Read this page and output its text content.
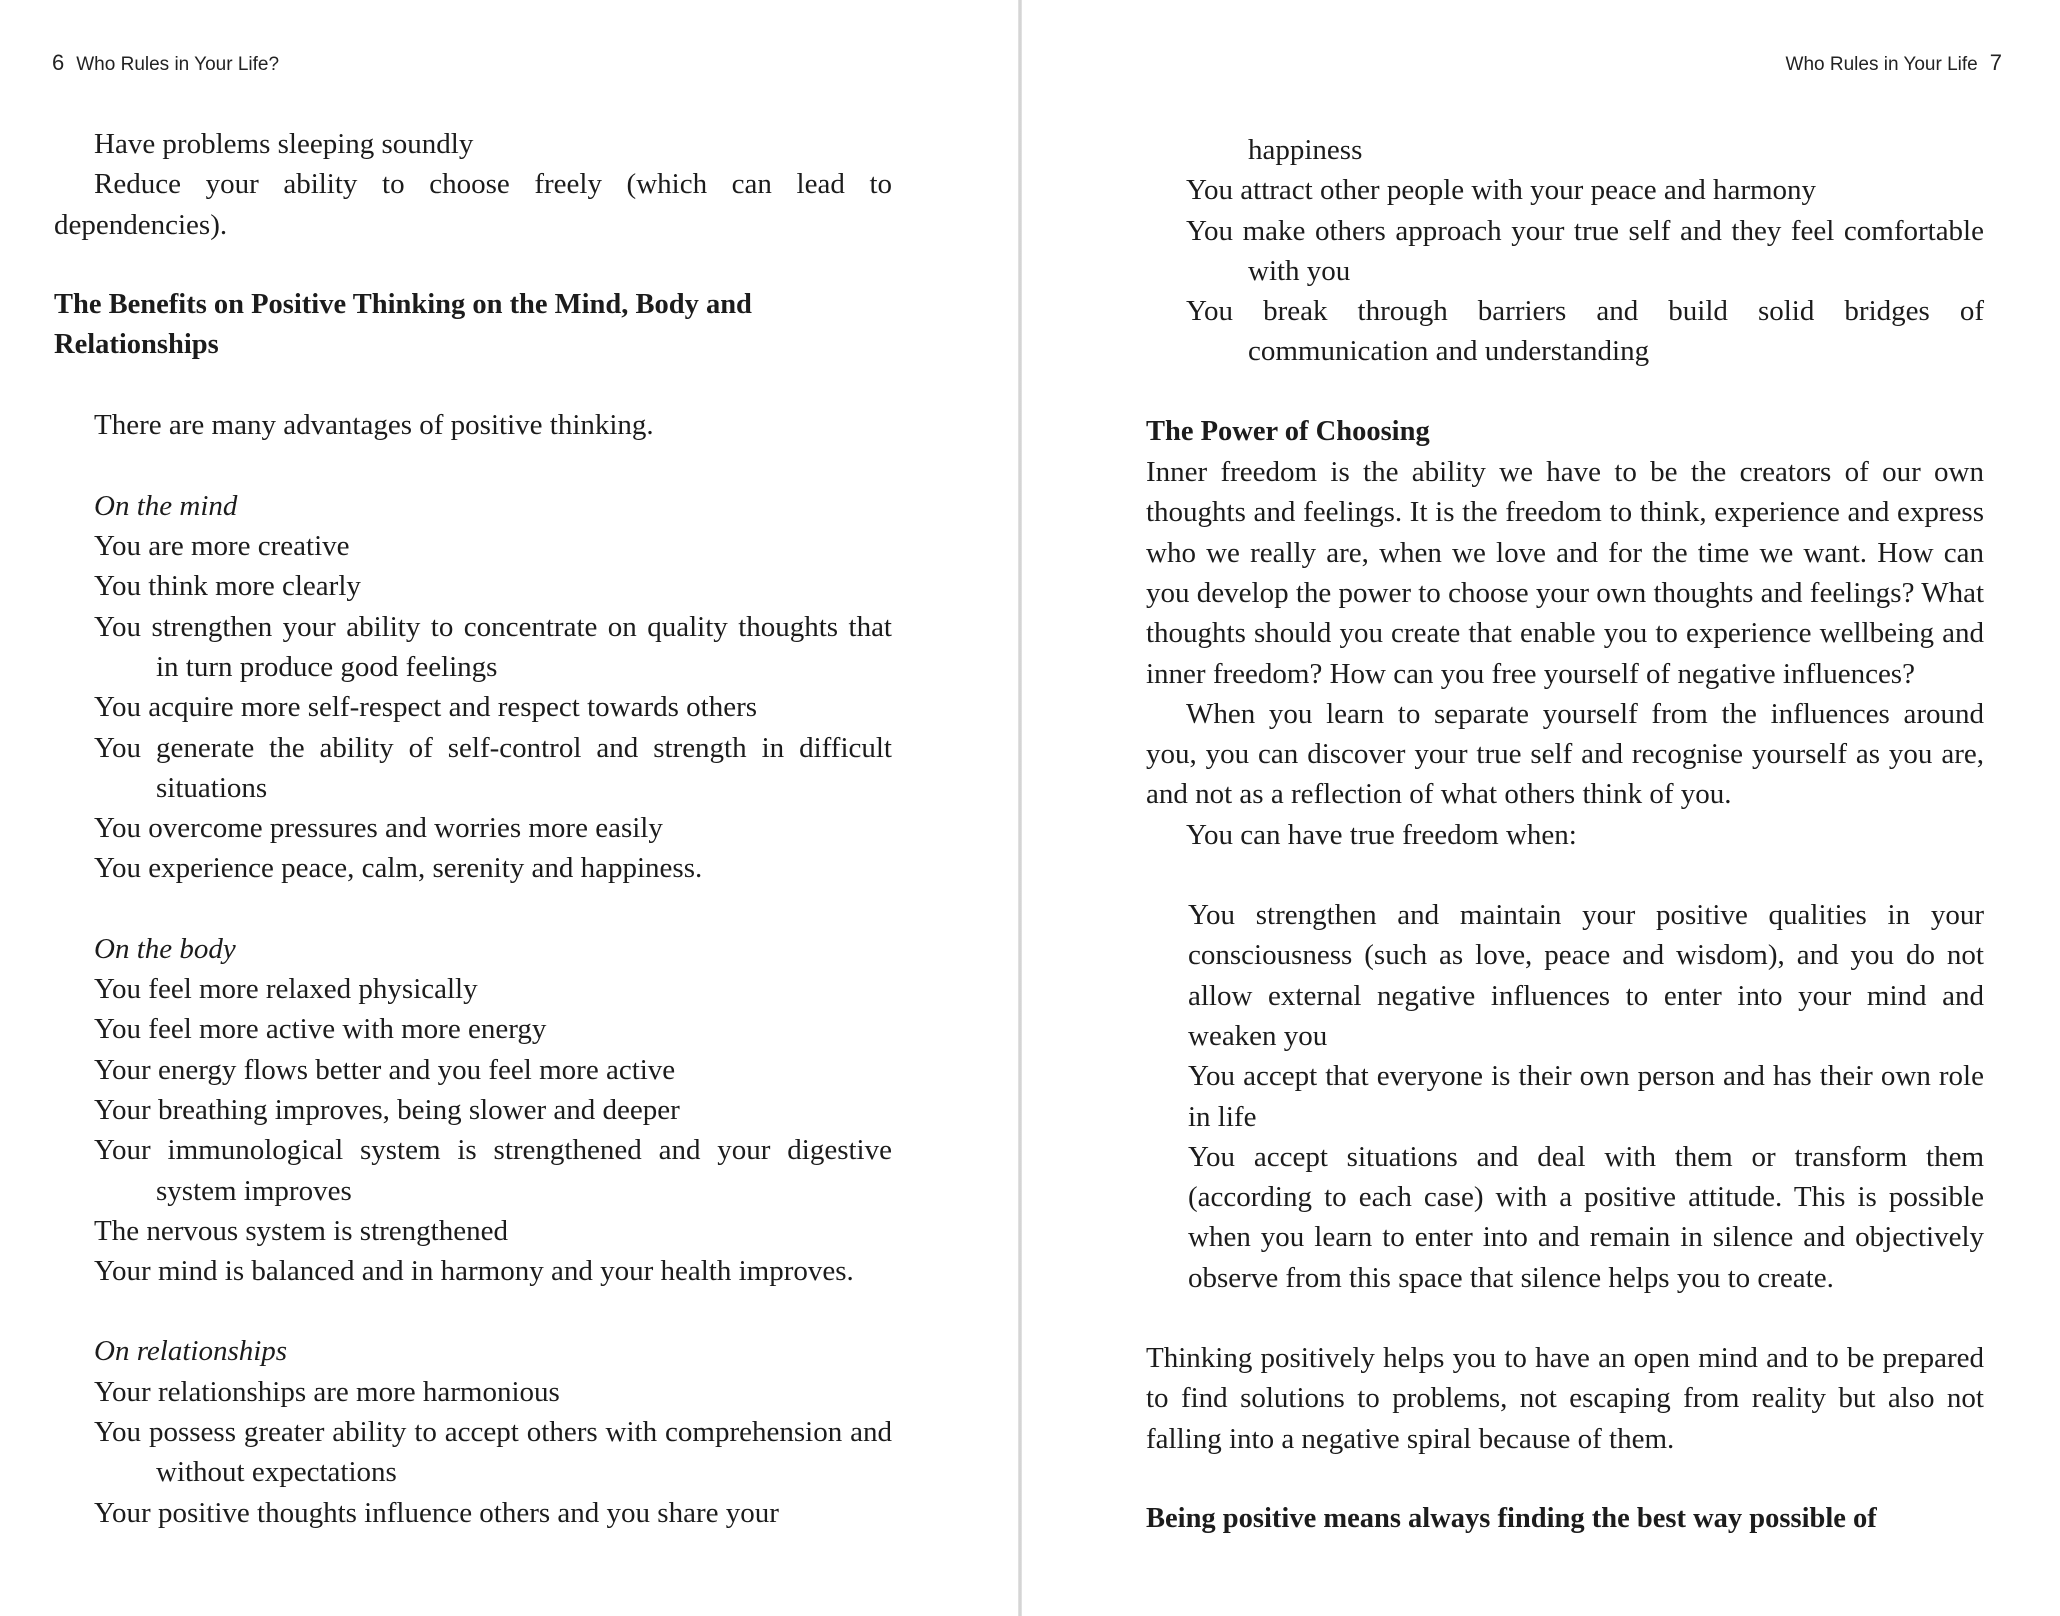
6 Who Rules in Your Life?
Have problems sleeping soundly
Reduce your ability to choose freely (which can lead to dependencies).
The Benefits on Positive Thinking on the Mind, Body and Relationships
There are many advantages of positive thinking.
On the mind
You are more creative
You think more clearly
You strengthen your ability to concentrate on quality thoughts that in turn produce good feelings
You acquire more self-respect and respect towards others
You generate the ability of self-control and strength in difficult situations
You overcome pressures and worries more easily
You experience peace, calm, serenity and happiness.
On the body
You feel more relaxed physically
You feel more active with more energy
Your energy flows better and you feel more active
Your breathing improves, being slower and deeper
Your immunological system is strengthened and your digestive system improves
The nervous system is strengthened
Your mind is balanced and in harmony and your health improves.
On relationships
Your relationships are more harmonious
You possess greater ability to accept others with comprehension and without expectations
Your positive thoughts influence others and you share your
Who Rules in Your Life 7
happiness
You attract other people with your peace and harmony
You make others approach your true self and they feel comfortable with you
You break through barriers and build solid bridges of communication and understanding
The Power of Choosing
Inner freedom is the ability we have to be the creators of our own thoughts and feelings. It is the freedom to think, experience and express who we really are, when we love and for the time we want. How can you develop the power to choose your own thoughts and feelings? What thoughts should you create that enable you to experience wellbeing and inner freedom? How can you free yourself of negative influences?
When you learn to separate yourself from the influences around you, you can discover your true self and recognise yourself as you are, and not as a reflection of what others think of you.
You can have true freedom when:
You strengthen and maintain your positive qualities in your consciousness (such as love, peace and wisdom), and you do not allow external negative influences to enter into your mind and weaken you
You accept that everyone is their own person and has their own role in life
You accept situations and deal with them or transform them (according to each case) with a positive attitude. This is possible when you learn to enter into and remain in silence and objectively observe from this space that silence helps you to create.
Thinking positively helps you to have an open mind and to be prepared to find solutions to problems, not escaping from reality but also not falling into a negative spiral because of them.
Being positive means always finding the best way possible of
